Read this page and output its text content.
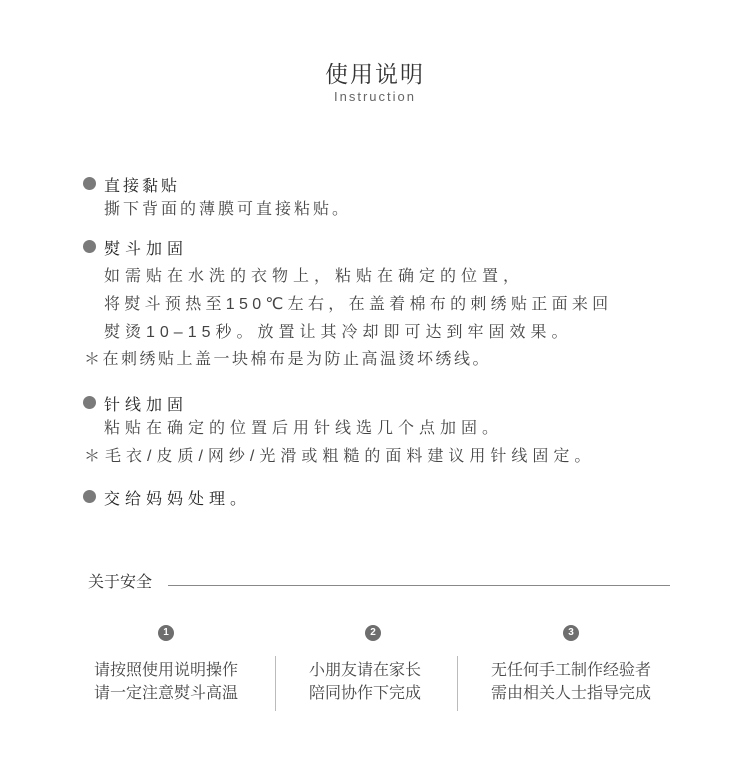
使用说明
Instruction
直接黏贴
撕下背面的薄膜可直接粘贴。
熨斗加固
如需贴在水洗的衣物上，粘贴在确定的位置，
将熨斗预热至150℃左右，在盖着棉布的刺绣贴正面来回
熨烫10–15秒。放置让其冷却即可达到牢固效果。
＊在刺绣贴上盖一块棉布是为防止高温烫坏绣线。
针线加固
粘贴在确定的位置后用针线选几个点加固。
＊毛衣/皮质/网纱/光滑或粗糙的面料建议用针线固定。
交给妈妈处理。
关于安全
1	2	3
请按照使用说明操作
请一定注意熨斗高温
小朋友请在家长
陪同协作下完成
无任何手工制作经验者
需由相关人士指导完成
